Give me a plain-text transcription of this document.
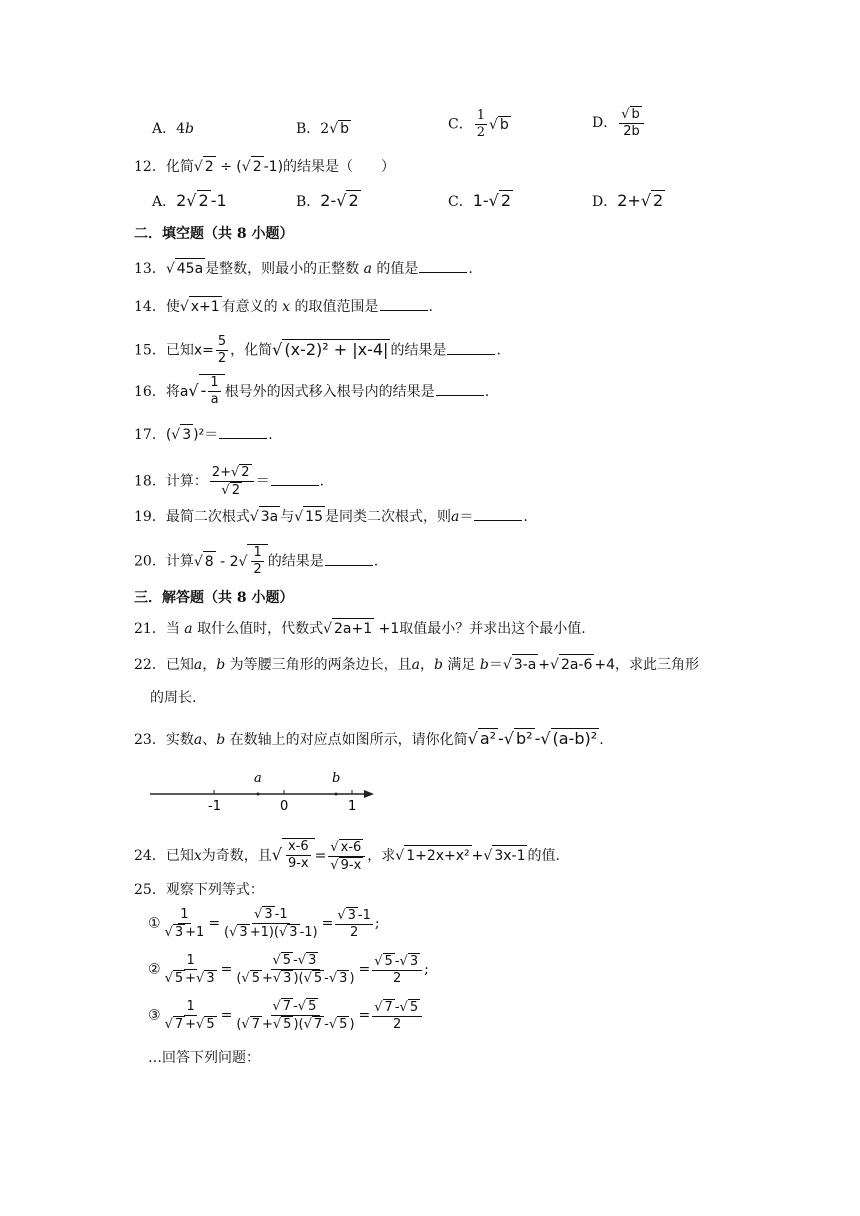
A．4b	B．2√ b	C． $\frac{1}{2}$ √ b	D． $\frac{√ b}{2b}$
12．化简√ 2 ÷ (√ 2 -1)的结果是（　　）
A．2√ 2 -1	B．2-√ 2	C．1-√ 2	D．2+√ 2
二．填空题（共 8 小题）
13．√ 45a 是整数，则最小的正整数 a 的值是	.
14．使√ x+1 有意义的 x 的取值范围是	.
15．已知$x= \frac{5}{2}$ ，化简√ (x-2)² + |x-4| 的结果是	.
16．将$a√ - \frac{1}{a}$ 根号外的因式移入根号内的结果是	.
17．(√ 3 )²＝	.
18．计算： $\frac{2+√ 2}{√ 2}$ ＝	.
19．最简二次根式√ 3a 与√ 15 是同类二次根式，则a＝	.
20．计算√ $8 - 2√ \frac{1}{2}$ 的结果是	.
三．解答题（共 8 小题）
21．当 a 取什么值时，代数式√ 2a+1 +1取值最小？并求出这个最小值.
22．已知a，b 为等腰三角形的两条边长，且a，b 满足 b＝√ 3-a +√ 2a-6 +4，求此三角形
的周长.
23．实数a、b 在数轴上的对应点如图所示，请你化简√ a² -√ b² -√ (a-b)² .
-1	0	1
a	b
24．已知x为奇数，且√ $\frac{x-6}{9-x} = \frac{√ x-6}{√ 9-x}$ ，求√ 1+2x+x² +√ 3x-1 的值.
25．观察下列等式：
① $\frac{1}{√ 3 +1} = \frac{√ 3 -1}{(√ 3 +1)(√ 3 -1)} = \frac{√ 3 -1}{2}$ ;
② $\frac{1}{√ 5 +√ 3} = \frac{√ 5 -√ 3}{(√ 5 +√ 3 )(√ 5 -√ 3 )} = \frac{√ 5 -√ 3}{2}$ ;
③ $\frac{1}{√ 7 +√ 5} = \frac{√ 7 -√ 5}{(√ 7 +√ 5 )(√ 7 -√ 5 )} = \frac{√ 7 -√ 5}{2}$
…回答下列问题：
